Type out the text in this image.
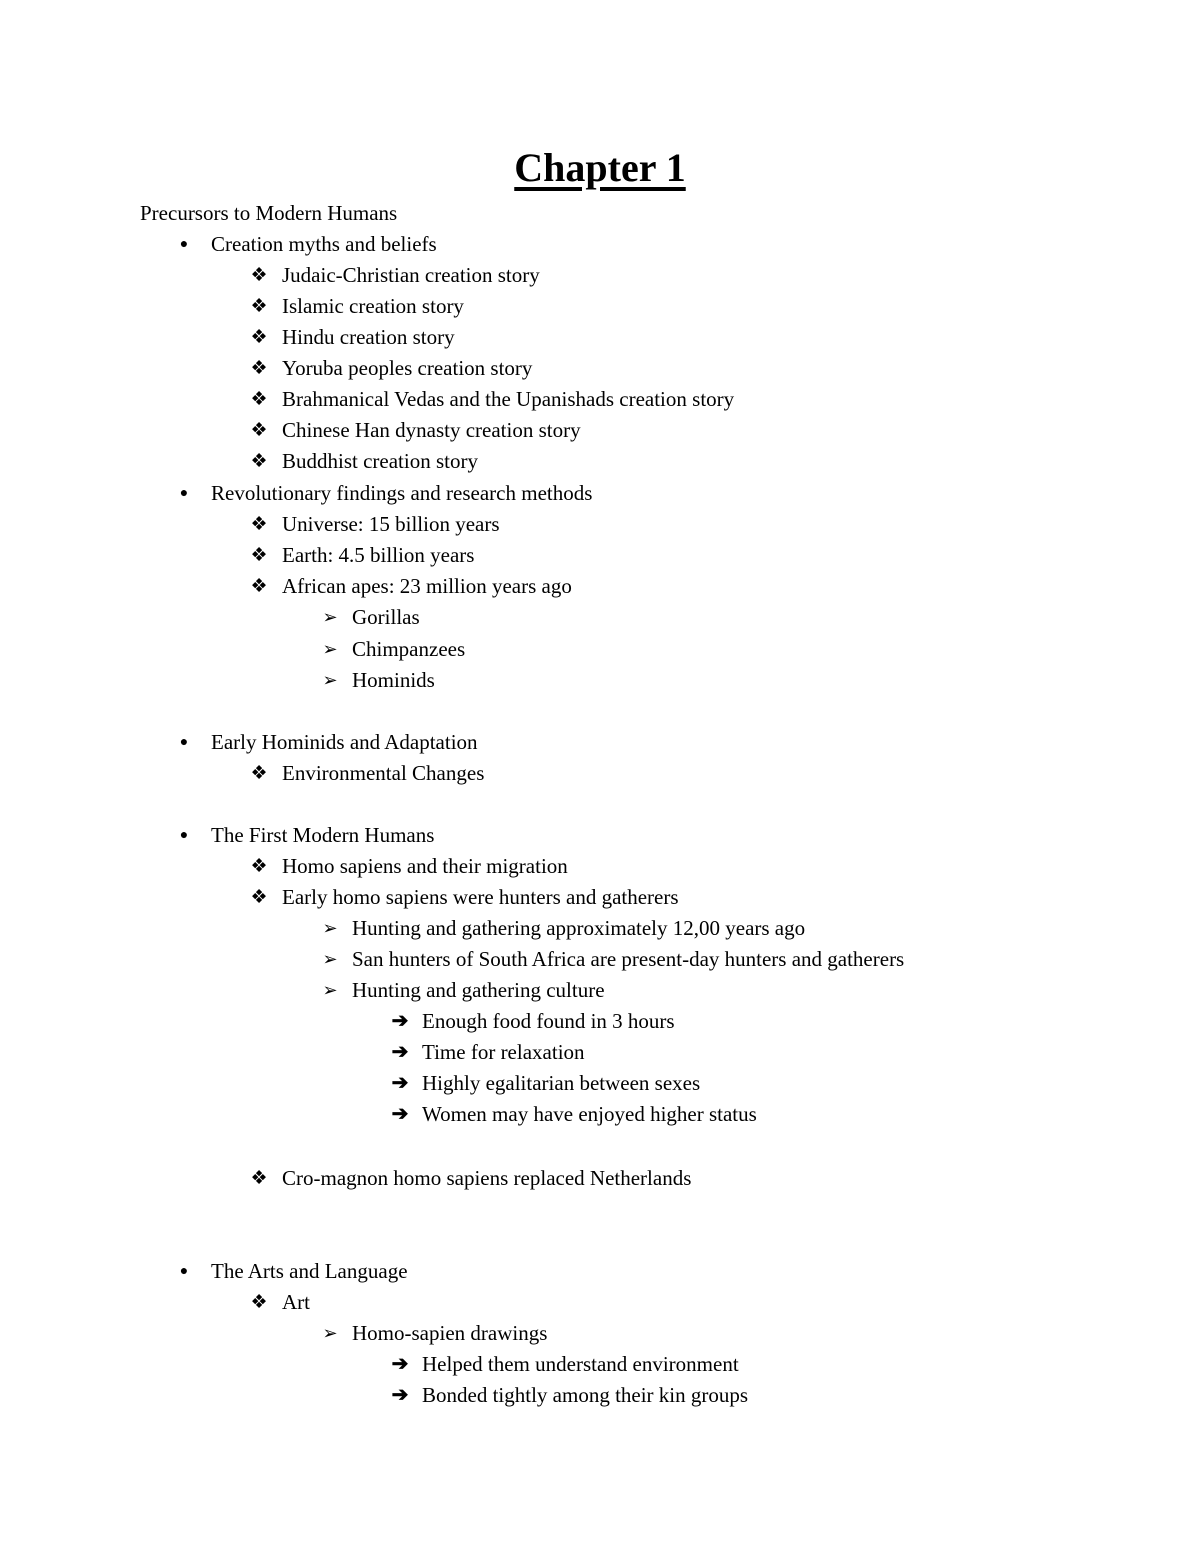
Chapter 1
Precursors to Modern Humans
● Creation myths and beliefs
❖ Judaic-Christian creation story
❖ Islamic creation story
❖ Hindu creation story
❖ Yoruba peoples creation story
❖ Brahmanical Vedas and the Upanishads creation story
❖ Chinese Han dynasty creation story
❖ Buddhist creation story
● Revolutionary findings and research methods
❖ Universe: 15 billion years
❖ Earth: 4.5 billion years
❖ African apes: 23 million years ago
➢ Gorillas
➢ Chimpanzees
➢ Hominids
● Early Hominids and Adaptation
❖ Environmental Changes
● The First Modern Humans
❖ Homo sapiens and their migration
❖ Early homo sapiens were hunters and gatherers
➢ Hunting and gathering approximately 12,00 years ago
➢ San hunters of South Africa are present-day hunters and gatherers
➢ Hunting and gathering culture
➔ Enough food found in 3 hours
➔ Time for relaxation
➔ Highly egalitarian between sexes
➔ Women may have enjoyed higher status
❖ Cro-magnon homo sapiens replaced Netherlands
● The Arts and Language
❖ Art
➢ Homo-sapien drawings
➔ Helped them understand environment
➔ Bonded tightly among their kin groups
